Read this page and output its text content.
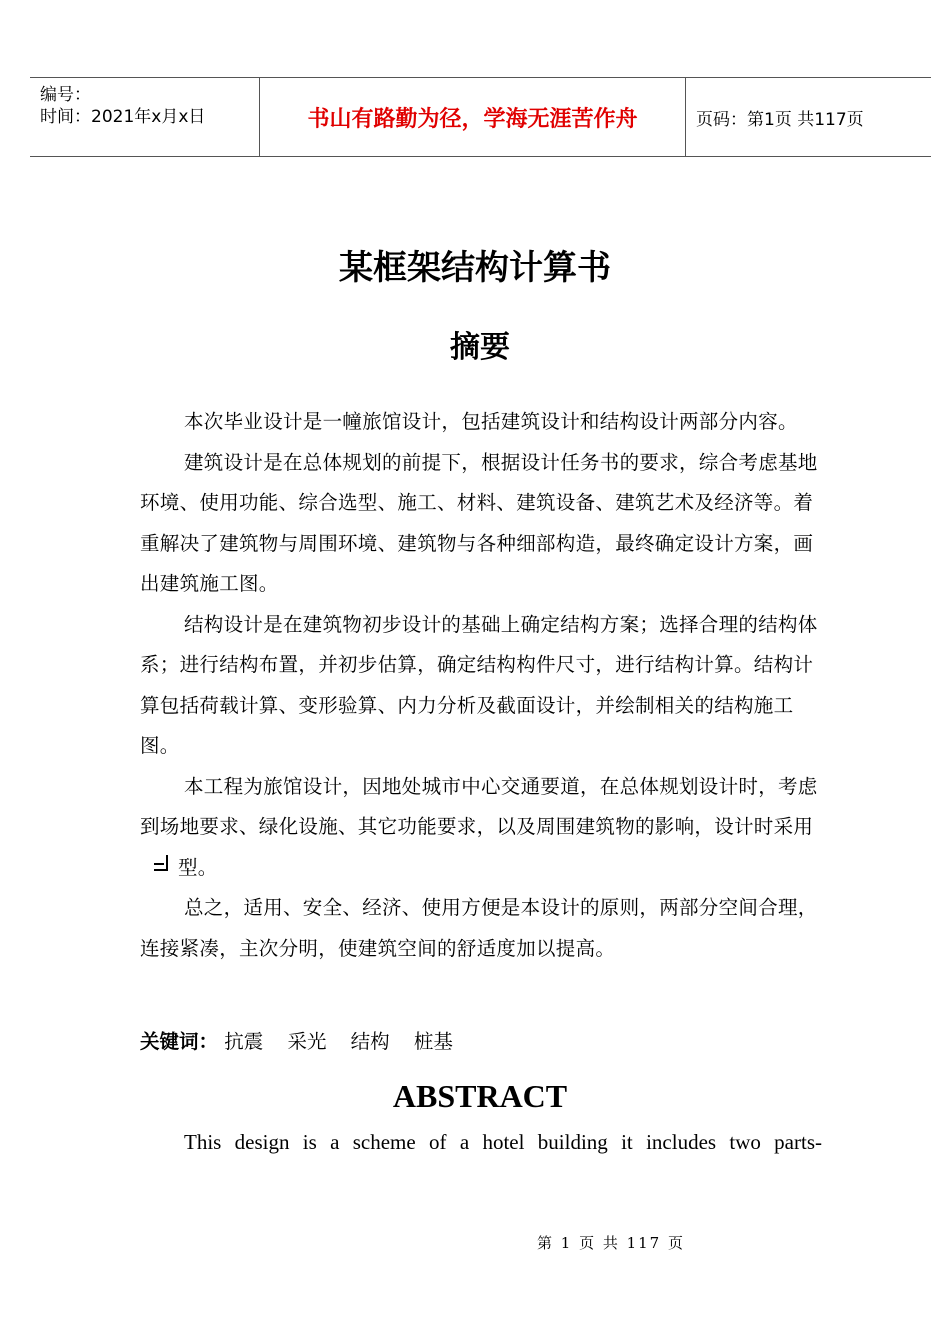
编号：
时间：2021年x月x日	书山有路勤为径，学海无涯苦作舟	页码：第1页 共117页
某框架结构计算书
摘要

本次毕业设计是一幢旅馆设计，包括建筑设计和结构设计两部分内容。

建筑设计是在总体规划的前提下，根据设计任务书的要求，综合考虑基地环境、使用功能、综合选型、施工、材料、建筑设备、建筑艺术及经济等。着重解决了建筑物与周围环境、建筑物与各种细部构造，最终确定设计方案，画出建筑施工图。

结构设计是在建筑物初步设计的基础上确定结构方案；选择合理的结构体系；进行结构布置，并初步估算，确定结构构件尺寸，进行结构计算。结构计算包括荷载计算、变形验算、内力分析及截面设计，并绘制相关的结构施工图。

本工程为旅馆设计，因地处城市中心交通要道，在总体规划设计时，考虑到场地要求、绿化设施、其它功能要求，以及周围建筑物的影响，设计时采用型。

总之，适用、安全、经济、使用方便是本设计的原则，两部分空间合理，连接紧凑，主次分明，使建筑空间的舒适度加以提高。

关键词： 抗震 采光 结构 桩基
ABSTRACT
This design is a scheme of a hotel building it includes two parts-
第 1 页 共 117 页
